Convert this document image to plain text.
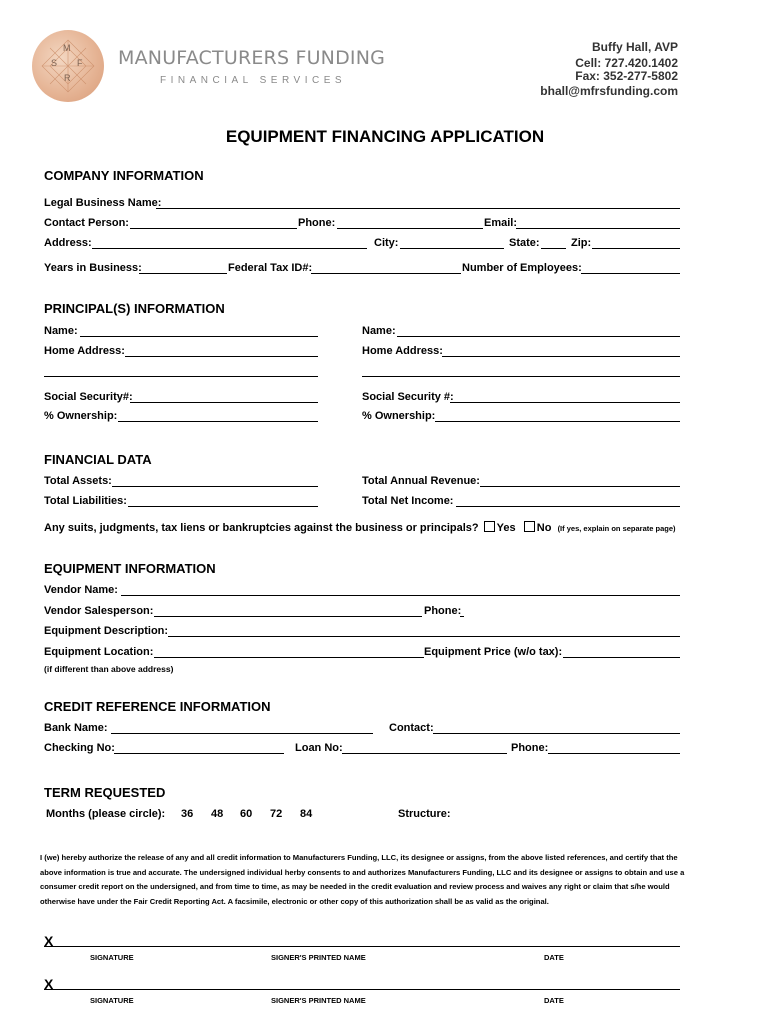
M
S F
R
MANUFACTURERS FUNDING
FINANCIAL SERVICES
Buffy Hall, AVP
Cell: 727.420.1402
Fax: 352-277-5802
bhall@mfrsfunding.com
EQUIPMENT FINANCING APPLICATION
COMPANY INFORMATION
Legal Business Name:
Contact Person:	Phone:	Email:
Address:	City:	State:	Zip:
Years in Business:	Federal Tax ID#:	Number of Employees:
PRINCIPAL(S) INFORMATION
Name:	Name:
Home Address:	Home Address:
Social Security#:	Social Security #:
% Ownership:	% Ownership:
FINANCIAL DATA
Total Assets:	Total Annual Revenue:
Total Liabilities:	Total Net Income:
Any suits, judgments, tax liens or bankruptcies against the business or principals? Yes No (If yes, explain on separate page)
EQUIPMENT INFORMATION
Vendor Name:
Vendor Salesperson:	Phone:
Equipment Description:
Equipment Location:	Equipment Price (w/o tax):
(if different than above address)
CREDIT REFERENCE INFORMATION
Bank Name:	Contact:
Checking No:	Loan No:	Phone:
TERM REQUESTED
Months (please circle): 36 48 60 72 84	Structure:
I (we) hereby authorize the release of any and all credit information to Manufacturers Funding, LLC, its designee or assigns, from the above listed references, and certify that the above information is true and accurate. The undersigned individual herby consents to and authorizes Manufacturers Funding, LLC and its designee or assigns to obtain and use a consumer credit report on the undersigned, and from time to time, as may be needed in the credit evaluation and review process and waives any right or claim that s/he would otherwise have under the Fair Credit Reporting Act. A facsimile, electronic or other copy of this authorization shall be as valid as the original.
X
SIGNATURE	SIGNER'S PRINTED NAME	DATE
X
SIGNATURE	SIGNER'S PRINTED NAME	DATE
